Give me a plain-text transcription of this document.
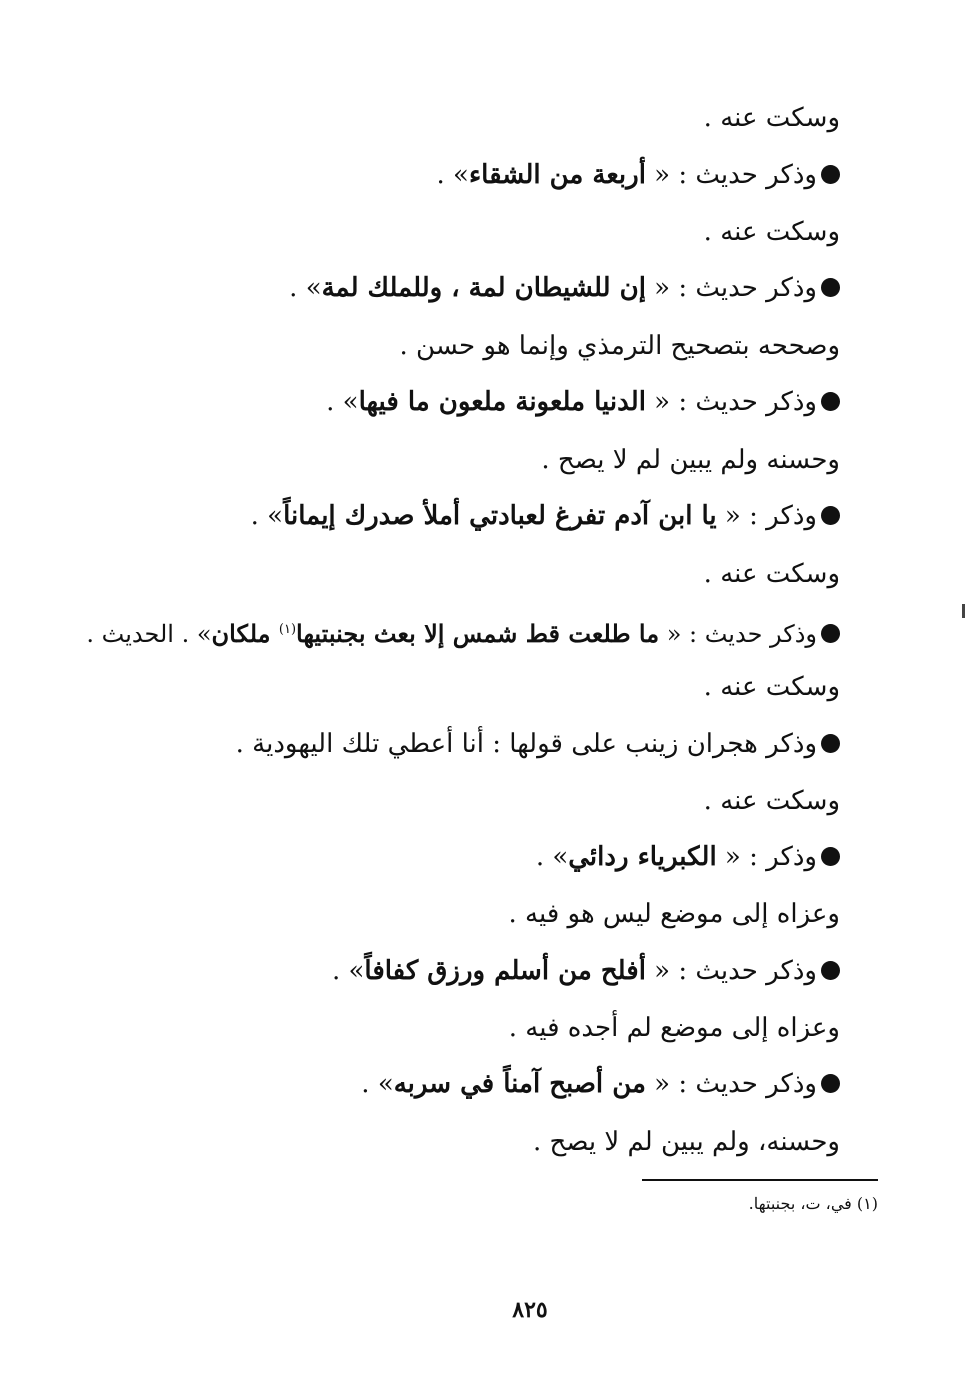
وسكت عنه .
وذكر حديث : « أربعة من الشقاء» .
وسكت عنه .
وذكر حديث : « إن للشيطان لمة ، وللملك لمة» .
وصححه بتصحيح الترمذي وإنما هو حسن .
وذكر حديث : « الدنيا ملعونة ملعون ما فيها» .
وحسنه ولم يبين لم لا يصح .
وذكر : « يا ابن آدم تفرغ لعبادتي أملأ صدرك إيماناً» .
وسكت عنه .
وذكر حديث : « ما طلعت قط شمس إلا بعث بجنبتيها$^{(١)}$ ملكان» . الحديث .
وسكت عنه .
وذكر هجران زينب على قولها : أنا أعطي تلك اليهودية .
وسكت عنه .
وذكر : « الكبرياء ردائي» .
وعزاه إلى موضع ليس هو فيه .
وذكر حديث : « أفلح من أسلم ورزق كفافاً» .
وعزاه إلى موضع لم أجده فيه .
وذكر حديث : « من أصبح آمناً في سربه» .
وحسنه، ولم يبين لم لا يصح .
(١) في، ت، بجنبتها.
٨٢٥
